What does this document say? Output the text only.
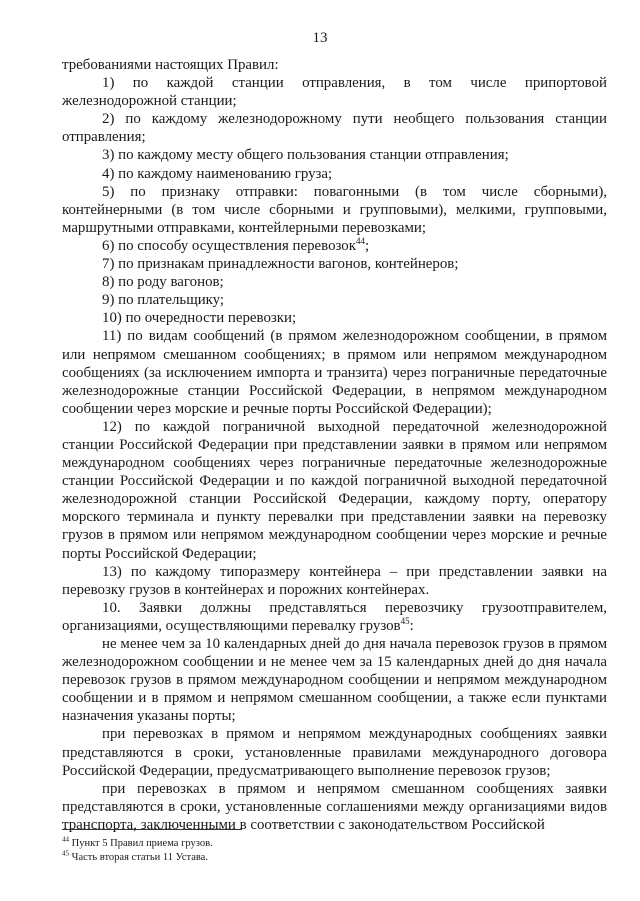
13

требованиями настоящих Правил:

1) по каждой станции отправления, в том числе припортовой железнодорожной станции;

2) по каждому железнодорожному пути необщего пользования станции отправления;

3) по каждому месту общего пользования станции отправления;

4) по каждому наименованию груза;

5) по признаку отправки: повагонными (в том числе сборными), контейнерными (в том числе сборными и групповыми), мелкими, групповыми, маршрутными отправками, контейлерными перевозками;

6) по способу осуществления перевозок$^{44}$;

7) по признакам принадлежности вагонов, контейнеров;

8) по роду вагонов;

9) по плательщику;

10) по очередности перевозки;

11) по видам сообщений (в прямом железнодорожном сообщении, в прямом или непрямом смешанном сообщениях; в прямом или непрямом международном сообщениях (за исключением импорта и транзита) через пограничные передаточные железнодорожные станции Российской Федерации, в непрямом международном сообщении через морские и речные порты Российской Федерации);

12) по каждой пограничной выходной передаточной железнодорожной станции Российской Федерации при представлении заявки в прямом или непрямом международном сообщениях через пограничные передаточные железнодорожные станции Российской Федерации и по каждой пограничной выходной передаточной железнодорожной станции Российской Федерации, каждому порту, оператору морского терминала и пункту перевалки при представлении заявки на перевозку грузов в прямом или непрямом международном сообщении через морские и речные порты Российской Федерации;

13) по каждому типоразмеру контейнера – при представлении заявки на перевозку грузов в контейнерах и порожних контейнерах.

10. Заявки должны представляться перевозчику грузоотправителем, организациями, осуществляющими перевалку грузов$^{45}$:

не менее чем за 10 календарных дней до дня начала перевозок грузов в прямом железнодорожном сообщении и не менее чем за 15 календарных дней до дня начала перевозок грузов в прямом международном сообщении и непрямом международном сообщении и в прямом и непрямом смешанном сообщении, а также если пунктами назначения указаны порты;

при перевозках в прямом и непрямом международных сообщениях заявки представляются в сроки, установленные правилами международного договора Российской Федерации, предусматривающего выполнение перевозок грузов;

при перевозках в прямом и непрямом смешанном сообщениях заявки представляются в сроки, установленные соглашениями между организациями видов транспорта, заключенными в соответствии с законодательством Российской

$^{44}$ Пункт 5 Правил приема грузов.
$^{45}$ Часть вторая статьи 11 Устава.
